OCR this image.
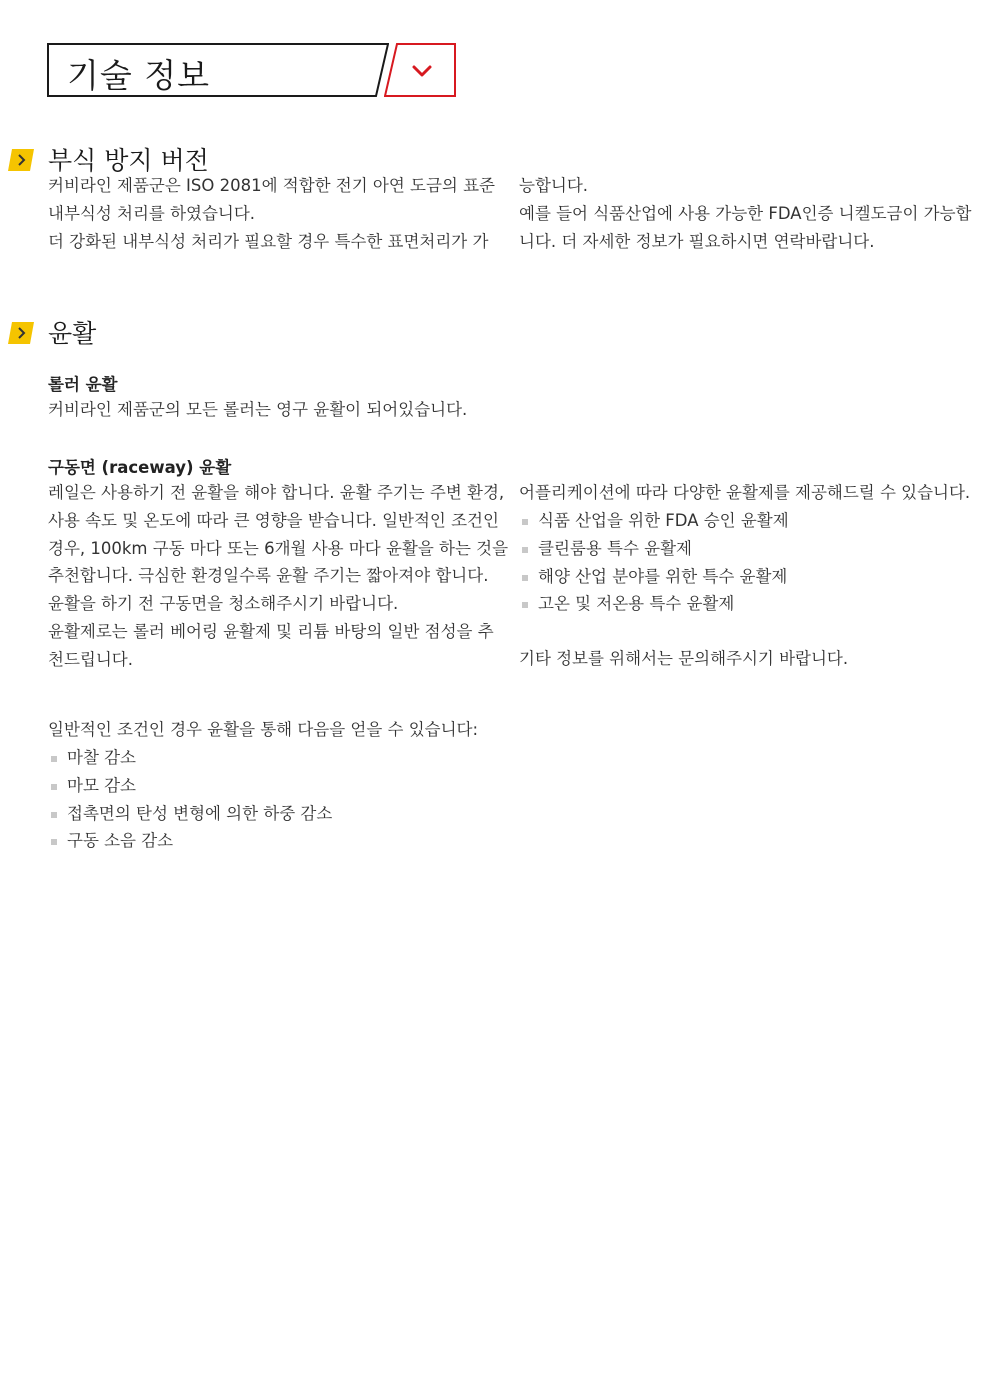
기술 정보
부식 방지 버전
커비라인 제품군은 ISO 2081에 적합한 전기 아연 도금의 표준
내부식성 처리를 하였습니다.
더 강화된 내부식성 처리가 필요할 경우 특수한 표면처리가 가
능합니다.
예를 들어 식품산업에 사용 가능한 FDA인증 니켈도금이 가능합
니다. 더 자세한 정보가 필요하시면 연락바랍니다.
윤활
롤러 윤활
커비라인 제품군의 모든 롤러는 영구 윤활이 되어있습니다.
구동면 (raceway) 윤활
레일은 사용하기 전 윤활을 해야 합니다. 윤활 주기는 주변 환경,
사용 속도 및 온도에 따라 큰 영향을 받습니다. 일반적인 조건인
경우, 100km 구동 마다 또는 6개월 사용 마다 윤활을 하는 것을
추천합니다. 극심한 환경일수록 윤활 주기는 짧아져야 합니다.
윤활을 하기 전 구동면을 청소해주시기 바랍니다.
윤활제로는 롤러 베어링 윤활제 및 리튬 바탕의 일반 점성을 추
천드립니다.
어플리케이션에 따라 다양한 윤활제를 제공해드릴 수 있습니다.
식품 산업을 위한 FDA 승인 윤활제
클린룸용 특수 윤활제
해양 산업 분야를 위한 특수 윤활제
고온 및 저온용 특수 윤활제
기타 정보를 위해서는 문의해주시기 바랍니다.
일반적인 조건인 경우 윤활을 통해 다음을 얻을 수 있습니다:
마찰 감소
마모 감소
접촉면의 탄성 변형에 의한 하중 감소
구동 소음 감소
